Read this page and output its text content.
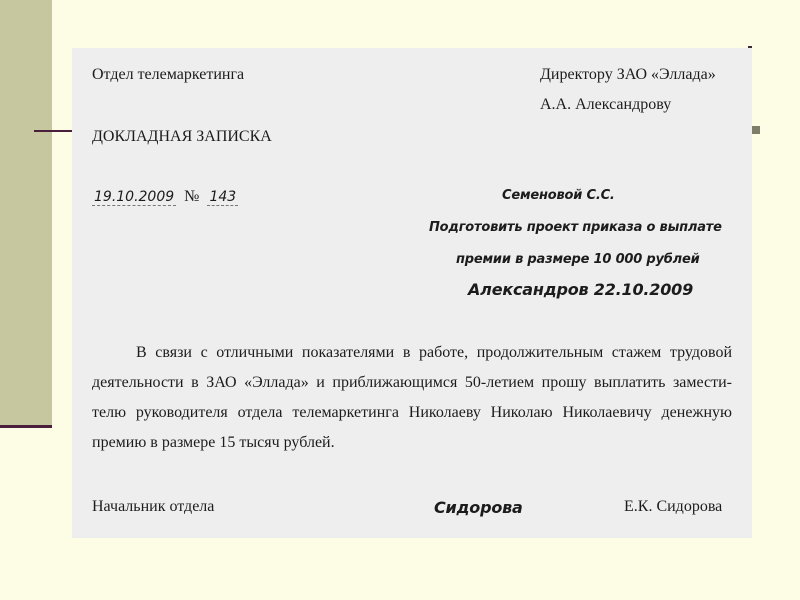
Отдел телемаркетинга	Директору ЗАО «Эллада»
А.А. Александрову
ДОКЛАДНАЯ ЗАПИСКА
19.10.2009 № 143	Семеновой С.С.
Подготовить проект приказа о выплате
премии в размере 10 000 рублей
Александров 22.10.2009

В связи с отличными показателями в работе, продолжительным стажем трудовой

деятельности в ЗАО «Эллада» и приближающимся 50-летием прошу выплатить замести-

телю руководителя отдела телемаркетинга Николаеву Николаю Николаевичу денежную

премию в размере 15 тысяч рублей.

Начальник отдела	Сидорова	Е.К. Сидорова
